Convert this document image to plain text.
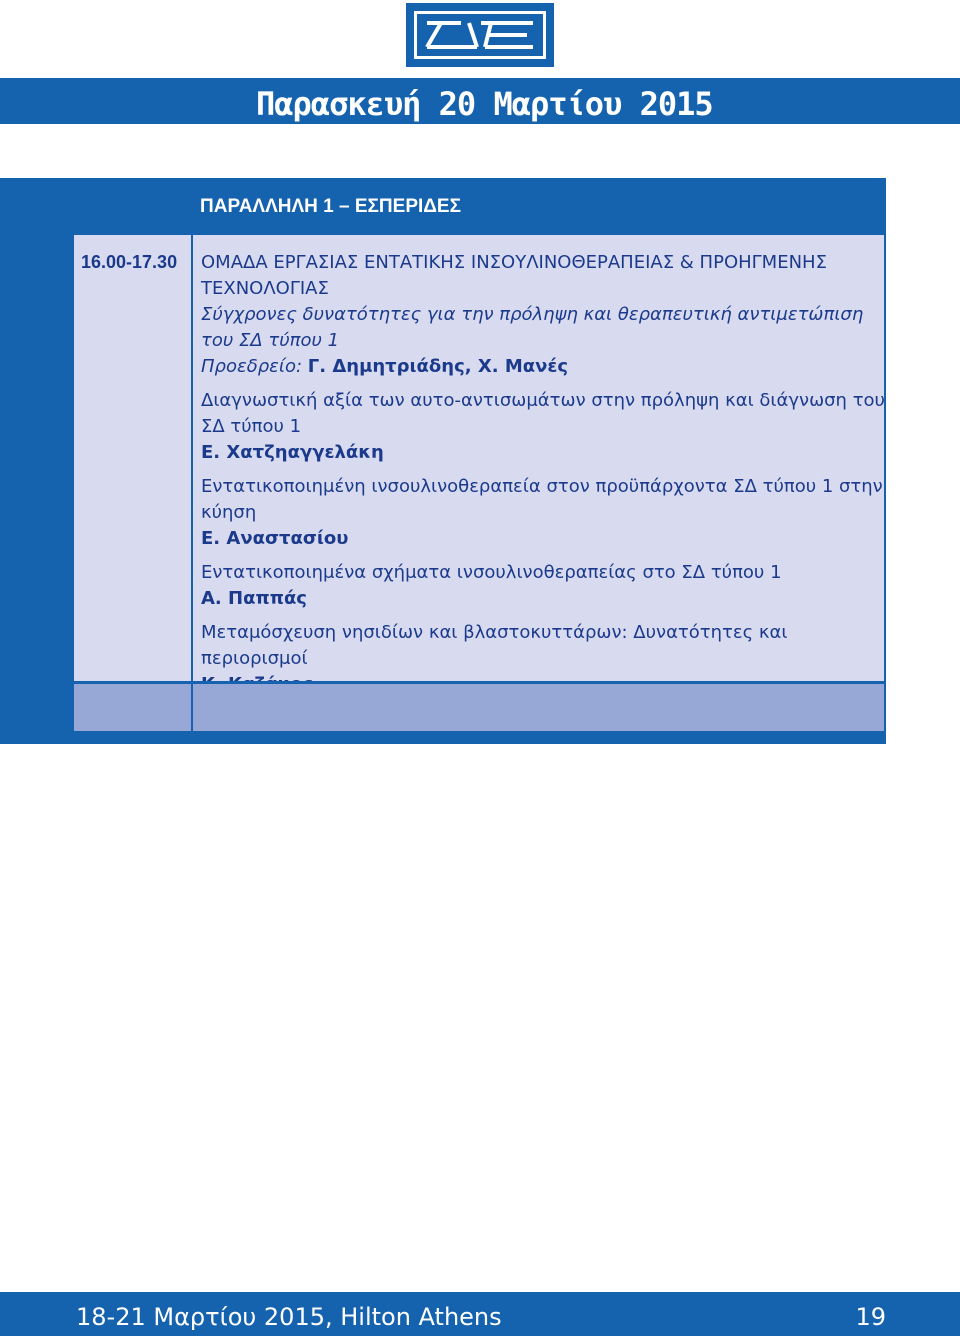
Παρασκευή 20 Μαρτίου 2015
ΠΑΡΑΛΛΗΛΗ 1 – ΕΣΠΕΡΙΔΕΣ
16.00-17.30 ΟΜΑΔΑ ΕΡΓΑΣΙΑΣ ΕΝΤΑΤΙΚΗΣ ΙΝΣΟΥΛΙΝΟΘΕΡΑΠΕΙΑΣ & ΠΡΟΗΓΜΕΝΗΣ

ΤΕΧΝΟΛΟΓΙΑΣ

Σύγχρονες δυνατότητες για την πρόληψη και θεραπευτική αντιμετώπιση του ΣΔ τύπου 1

Προεδρείο: Γ. Δημητριάδης, Χ. Μανές

Διαγνωστική αξία των αυτο-αντισωμάτων στην πρόληψη και διάγνωση του ΣΔ τύπου 1

Ε. Χατζηαγγελάκη

Εντατικοποιημένη ινσουλινοθεραπεία στον προϋπάρχοντα ΣΔ τύπου 1 στην κύηση

Ε. Αναστασίου

Εντατικοποιημένα σχήματα ινσουλινοθεραπείας στο ΣΔ τύπου 1

Α. Παππάς

Μεταμόσχευση νησιδίων και βλαστοκυττάρων: Δυνατότητες και περιορισμοί

18-21 Μαρτίου 2015, Hilton Athens	19
